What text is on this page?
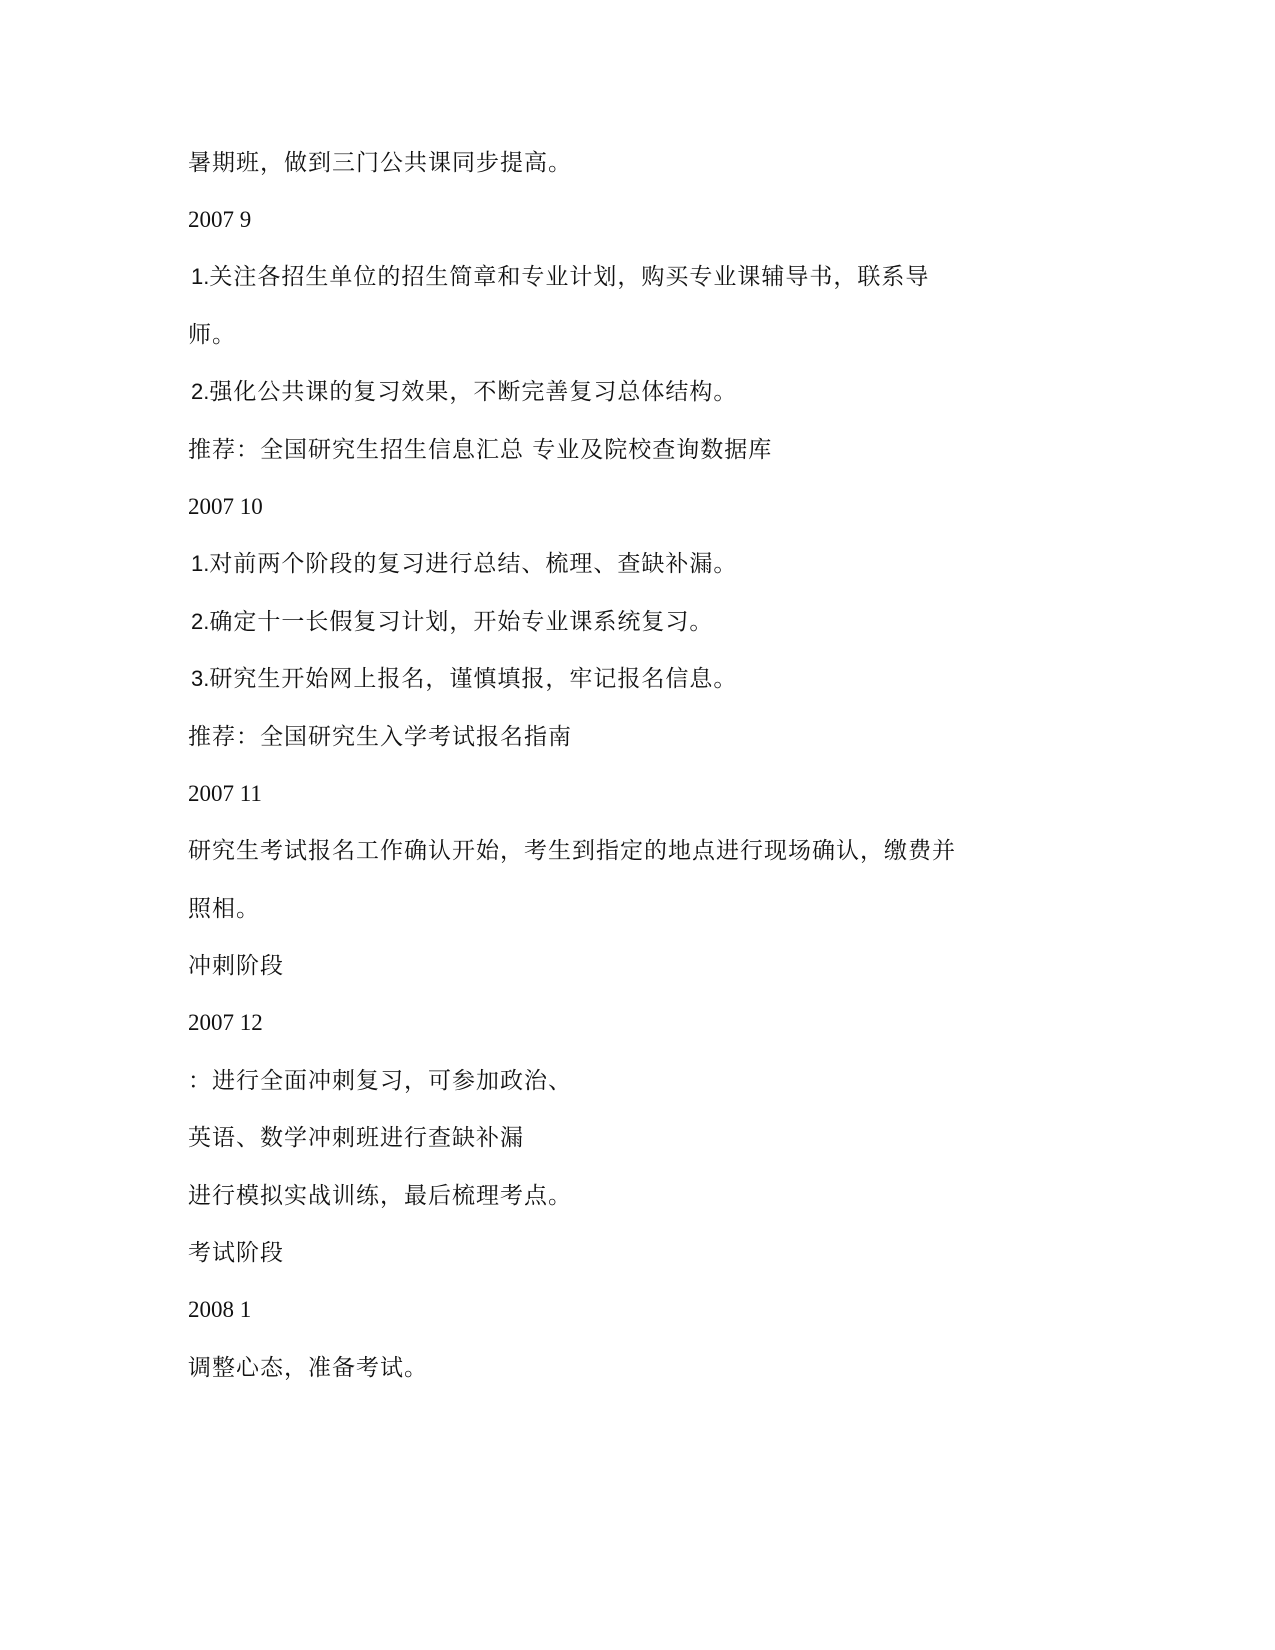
暑期班，做到三门公共课同步提高。
2007 9
1.关注各招生单位的招生简章和专业计划，购买专业课辅导书，联系导
师。
2.强化公共课的复习效果，不断完善复习总体结构。
推荐：全国研究生招生信息汇总 专业及院校查询数据库
2007 10
1.对前两个阶段的复习进行总结、梳理、查缺补漏。
2.确定十一长假复习计划，开始专业课系统复习。
3.研究生开始网上报名，谨慎填报，牢记报名信息。
推荐：全国研究生入学考试报名指南
2007 11
研究生考试报名工作确认开始，考生到指定的地点进行现场确认，缴费并
照相。
冲刺阶段
2007 12
：进行全面冲刺复习，可参加政治、
英语、数学冲刺班进行查缺补漏
进行模拟实战训练，最后梳理考点。
考试阶段
2008 1
调整心态，准备考试。
